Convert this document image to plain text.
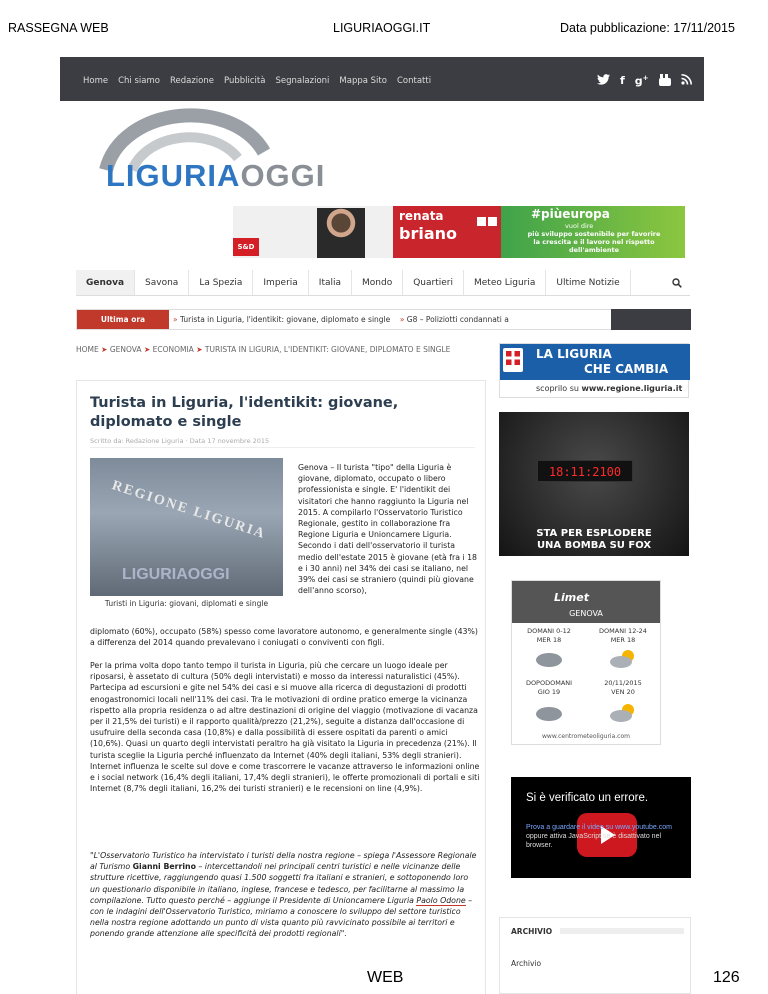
RASSEGNA WEB	LIGURIAOGGI.IT	Data pubblicazione: 17/11/2015
Home Chi siamo Redazione Pubblicità Segnalazioni Mappa Sito Contatti	f g+
LIGURIAOGGI
S&D
renata
briano
#piùeuropa
vuol dire
più sviluppo sostenibile per favorire
la crescita e il lavoro nel rispetto
dell'ambiente
Genova	Savona	La Spezia	Imperia	Italia	Mondo	Quartieri	Meteo Liguria	Ultime Notizie
Ultima ora	» Turista in Liguria, l'identikit: giovane, diplomato e single » G8 – Poliziotti condannati a
HOME ➤ GENOVA ➤ ECONOMIA ➤ TURISTA IN LIGURIA, L'IDENTIKIT: GIOVANE, DIPLOMATO E SINGLE
Turista in Liguria, l'identikit: giovane, diplomato e single
Scritto da: Redazione Liguria · Data 17 novembre 2015
REGIONE LIGURIA
LIGURIAOGGI
Turisti in Liguria: giovani, diplomati e single

Genova – Il turista "tipo" della Liguria è giovane, diplomato, occupato o libero professionista e single. E' l'identikit dei visitatori che hanno raggiunto la Liguria nel 2015. A compilarlo l'Osservatorio Turistico Regionale, gestito in collaborazione fra Regione Liguria e Unioncamere Liguria. Secondo i dati dell'osservatorio il turista medio dell'estate 2015 è giovane (età fra i 18 e i 30 anni) nel 34% dei casi se italiano, nel 39% dei casi se straniero (quindi più giovane dell'anno scorso),

diplomato (60%), occupato (58%) spesso come lavoratore autonomo, e generalmente single (43%) a differenza del 2014 quando prevalevano i coniugati o conviventi con figli.

Per la prima volta dopo tanto tempo il turista in Liguria, più che cercare un luogo ideale per riposarsi, è assetato di cultura (50% degli intervistati) e mosso da interessi naturalistici (45%). Partecipa ad escursioni e gite nel 54% dei casi e si muove alla ricerca di degustazioni di prodotti enogastronomici locali nell'11% dei casi. Tra le motivazioni di ordine pratico emerge la vicinanza rispetto alla propria residenza o ad altre destinazioni di origine del viaggio (motivazione di vacanza per il 21,5% dei turisti) e il rapporto qualità/prezzo (21,2%), seguite a distanza dall'occasione di usufruire della seconda casa (10,8%) e dalla possibilità di essere ospitati da parenti o amici (10,6%). Quasi un quarto degli intervistati peraltro ha già visitato la Liguria in precedenza (21%). Il turista sceglie la Liguria perché influenzato da Internet (40% degli italiani, 53% degli stranieri). Internet influenza le scelte sul dove e come trascorrere le vacanze attraverso le informazioni online e i social network (16,4% degli italiani, 17,4% degli stranieri), le offerte promozionali di portali e siti Internet (8,7% degli italiani, 16,2% dei turisti stranieri) e le recensioni on line (4,9%).

"L'Osservatorio Turistico ha intervistato i turisti della nostra regione – spiega l'Assessore Regionale al Turismo Gianni Berrino – intercettandoli nei principali centri turistici e nelle vicinanze delle strutture ricettive, raggiungendo quasi 1.500 soggetti fra italiani e stranieri, e sottoponendo loro un questionario disponibile in italiano, inglese, francese e tedesco, per facilitarne al massimo la compilazione. Tutto questo perché – aggiunge il Presidente di Unioncamere Liguria Paolo Odone – con le indagini dell'Osservatorio Turistico, miriamo a conoscere lo sviluppo del settore turistico nella nostra regione adottando un punto di vista quanto più ravvicinato possibile ai territori e ponendo grande attenzione alle specificità dei prodotti regionali".

LA LIGURIA
CHE CAMBIA
scoprilo su www.regione.liguria.it
18:11:2100
STA PER ESPLODERE
UNA BOMBA SU FOX
Limet
GENOVA
DOMANI 0-12
MER 18
DOMANI 12-24
MER 18
DOPODOMANI
GIO 19
20/11/2015
VEN 20
www.centrometeoliguria.com
Si è verificato un errore.
Prova a guardare il video su www.youtube.com oppure attiva JavaScript se è disattivato nel browser.
ARCHIVIO
Archivio
WEB	126
